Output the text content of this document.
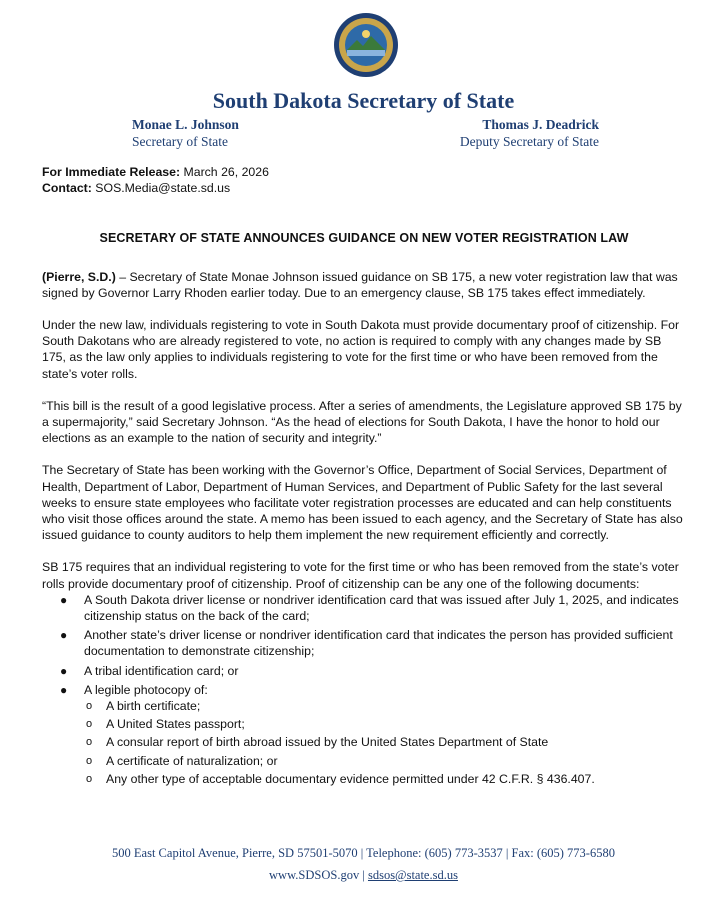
South Dakota Secretary of State
Monae L. Johnson
Secretary of State
Thomas J. Deadrick
Deputy Secretary of State

For Immediate Release: March 26, 2026

Contact: SOS.Media@state.sd.us

SECRETARY OF STATE ANNOUNCES GUIDANCE ON NEW VOTER REGISTRATION LAW

(Pierre, S.D.) – Secretary of State Monae Johnson issued guidance on SB 175, a new voter registration law that was signed by Governor Larry Rhoden earlier today. Due to an emergency clause, SB 175 takes effect immediately.

Under the new law, individuals registering to vote in South Dakota must provide documentary proof of citizenship. For South Dakotans who are already registered to vote, no action is required to comply with any changes made by SB 175, as the law only applies to individuals registering to vote for the first time or who have been removed from the state’s voter rolls.

“This bill is the result of a good legislative process. After a series of amendments, the Legislature approved SB 175 by a supermajority,” said Secretary Johnson. “As the head of elections for South Dakota, I have the honor to hold our elections as an example to the nation of security and integrity.”

The Secretary of State has been working with the Governor’s Office, Department of Social Services, Department of Health, Department of Labor, Department of Human Services, and Department of Public Safety for the last several weeks to ensure state employees who facilitate voter registration processes are educated and can help constituents who visit those offices around the state. A memo has been issued to each agency, and the Secretary of State has also issued guidance to county auditors to help them implement the new requirement efficiently and correctly.

SB 175 requires that an individual registering to vote for the first time or who has been removed from the state’s voter rolls provide documentary proof of citizenship. Proof of citizenship can be any one of the following documents:

● A South Dakota driver license or nondriver identification card that was issued after July 1, 2025, and indicates citizenship status on the back of the card;
● Another state’s driver license or nondriver identification card that indicates the person has provided sufficient documentation to demonstrate citizenship;
● A tribal identification card; or
● A legible photocopy of:
o A birth certificate;
o A United States passport;
o A consular report of birth abroad issued by the United States Department of State
o A certificate of naturalization; or
o Any other type of acceptable documentary evidence permitted under 42 C.F.R. § 436.407.
500 East Capitol Avenue, Pierre, SD 57501-5070 | Telephone: (605) 773-3537 | Fax: (605) 773-6580
www.SDSOS.gov | sdsos@state.sd.us
